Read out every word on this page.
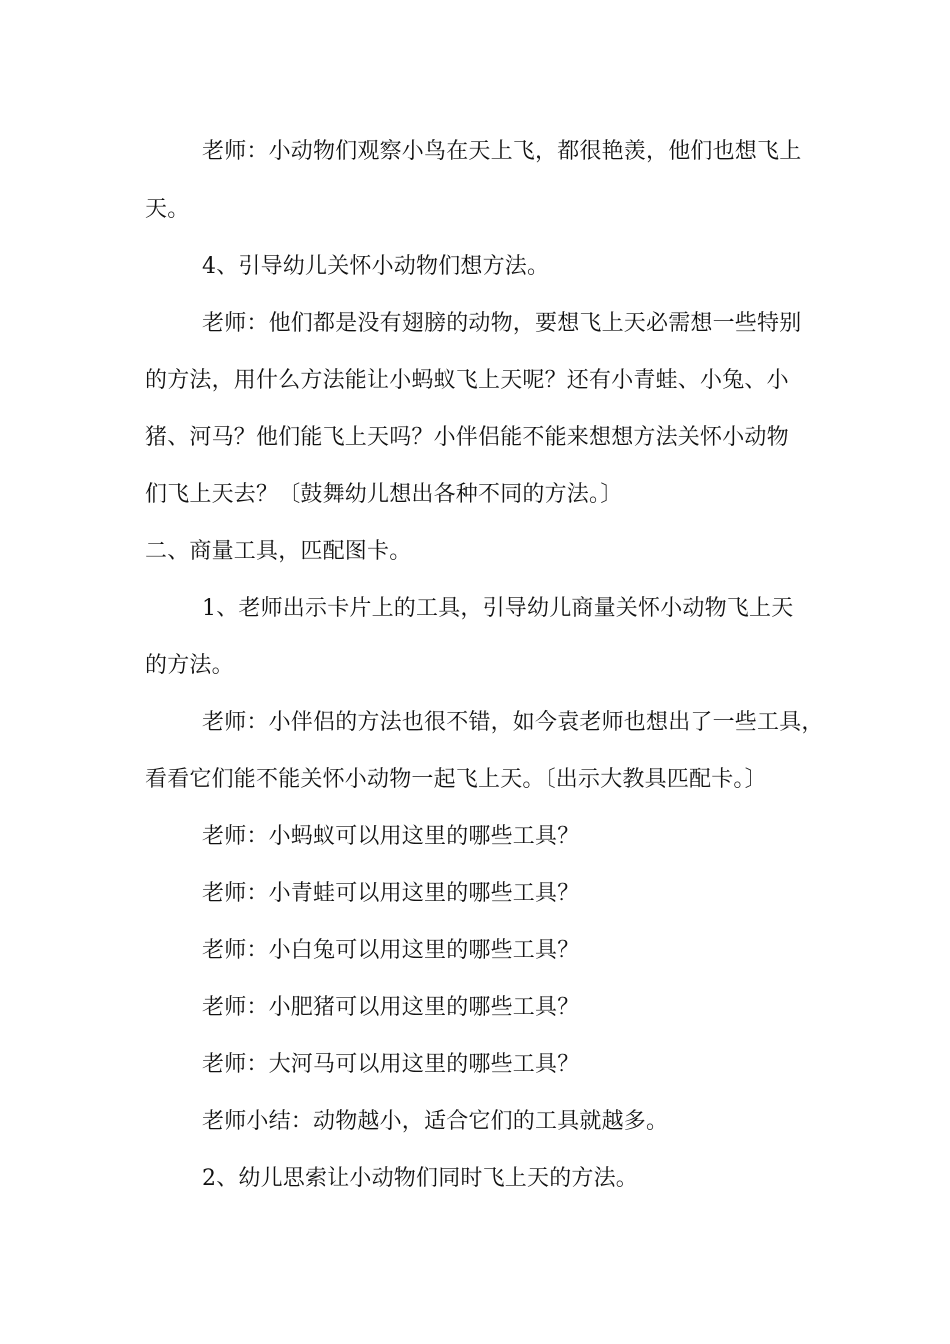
老师：小动物们观察小鸟在天上飞，都很艳羡，他们也想飞上
天。
4、引导幼儿关怀小动物们想方法。
老师：他们都是没有翅膀的动物，要想飞上天必需想一些特别
的方法，用什么方法能让小蚂蚁飞上天呢？还有小青蛙、小兔、小
猪、河马？他们能飞上天吗？小伴侣能不能来想想方法关怀小动物
们飞上天去？〔鼓舞幼儿想出各种不同的方法。〕
二、商量工具，匹配图卡。
1、老师出示卡片上的工具，引导幼儿商量关怀小动物飞上天
的方法。
老师：小伴侣的方法也很不错，如今袁老师也想出了一些工具，
看看它们能不能关怀小动物一起飞上天。〔出示大教具匹配卡。〕
老师：小蚂蚁可以用这里的哪些工具？
老师：小青蛙可以用这里的哪些工具？
老师：小白兔可以用这里的哪些工具？
老师：小肥猪可以用这里的哪些工具？
老师：大河马可以用这里的哪些工具？
老师小结：动物越小，适合它们的工具就越多。
2、幼儿思索让小动物们同时飞上天的方法。
